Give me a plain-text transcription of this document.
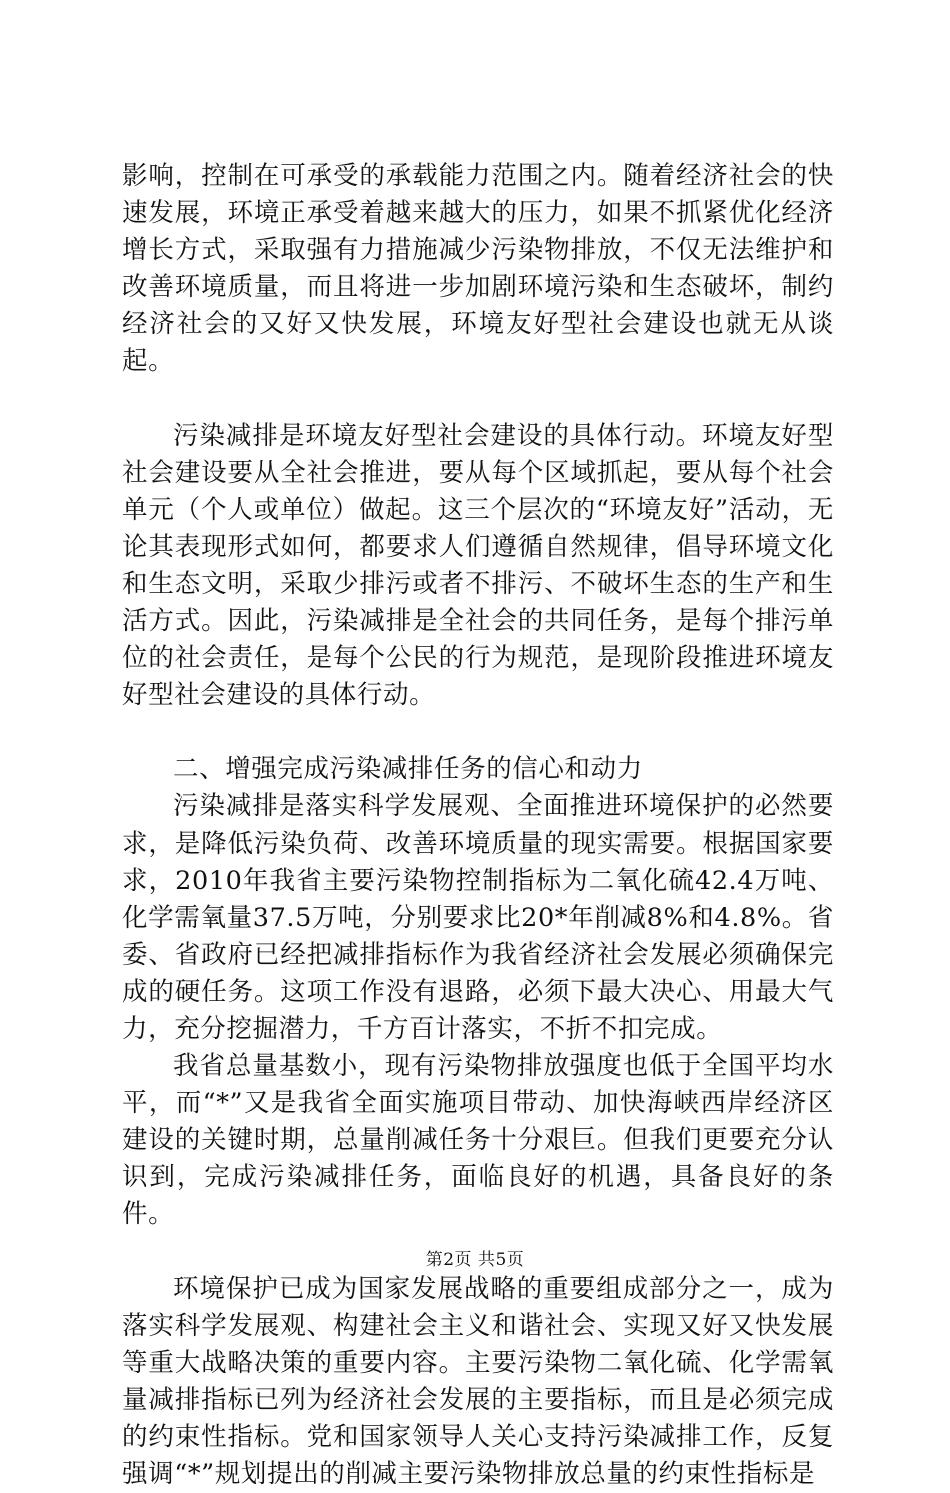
影响，控制在可承受的承载能力范围之内。随着经济社会的快速发展，环境正承受着越来越大的压力，如果不抓紧优化经济增长方式，采取强有力措施减少污染物排放，不仅无法维护和改善环境质量，而且将进一步加剧环境污染和生态破坏，制约经济社会的又好又快发展，环境友好型社会建设也就无从谈起。

污染减排是环境友好型社会建设的具体行动。环境友好型社会建设要从全社会推进，要从每个区域抓起，要从每个社会单元（个人或单位）做起。这三个层次的“环境友好”活动，无论其表现形式如何，都要求人们遵循自然规律，倡导环境文化和生态文明，采取少排污或者不排污、不破坏生态的生产和生活方式。因此，污染减排是全社会的共同任务，是每个排污单位的社会责任，是每个公民的行为规范，是现阶段推进环境友好型社会建设的具体行动。

二、增强完成污染减排任务的信心和动力

污染减排是落实科学发展观、全面推进环境保护的必然要求，是降低污染负荷、改善环境质量的现实需要。根据国家要求，2010年我省主要污染物控制指标为二氧化硫42.4万吨、化学需氧量37.5万吨，分别要求比20*年削减8%和4.8%。省委、省政府已经把减排指标作为我省经济社会发展必须确保完成的硬任务。这项工作没有退路，必须下最大决心、用最大气力，充分挖掘潜力，千方百计落实，不折不扣完成。

我省总量基数小，现有污染物排放强度也低于全国平均水平，而“*”又是我省全面实施项目带动、加快海峡西岸经济区建设的关键时期，总量削减任务十分艰巨。但我们更要充分认识到，完成污染减排任务，面临良好的机遇，具备良好的条件。

环境保护已成为国家发展战略的重要组成部分之一，成为落实科学发展观、构建社会主义和谐社会、实现又好又快发展等重大战略决策的重要内容。主要污染物二氧化硫、化学需氧量减排指标已列为经济社会发展的主要指标，而且是必须完成的约束性指标。党和国家领导人关心支持污染减排工作，反复强调“*”规划提出的削减主要污染物排放总量的约束性指标是

第2页 共5页
